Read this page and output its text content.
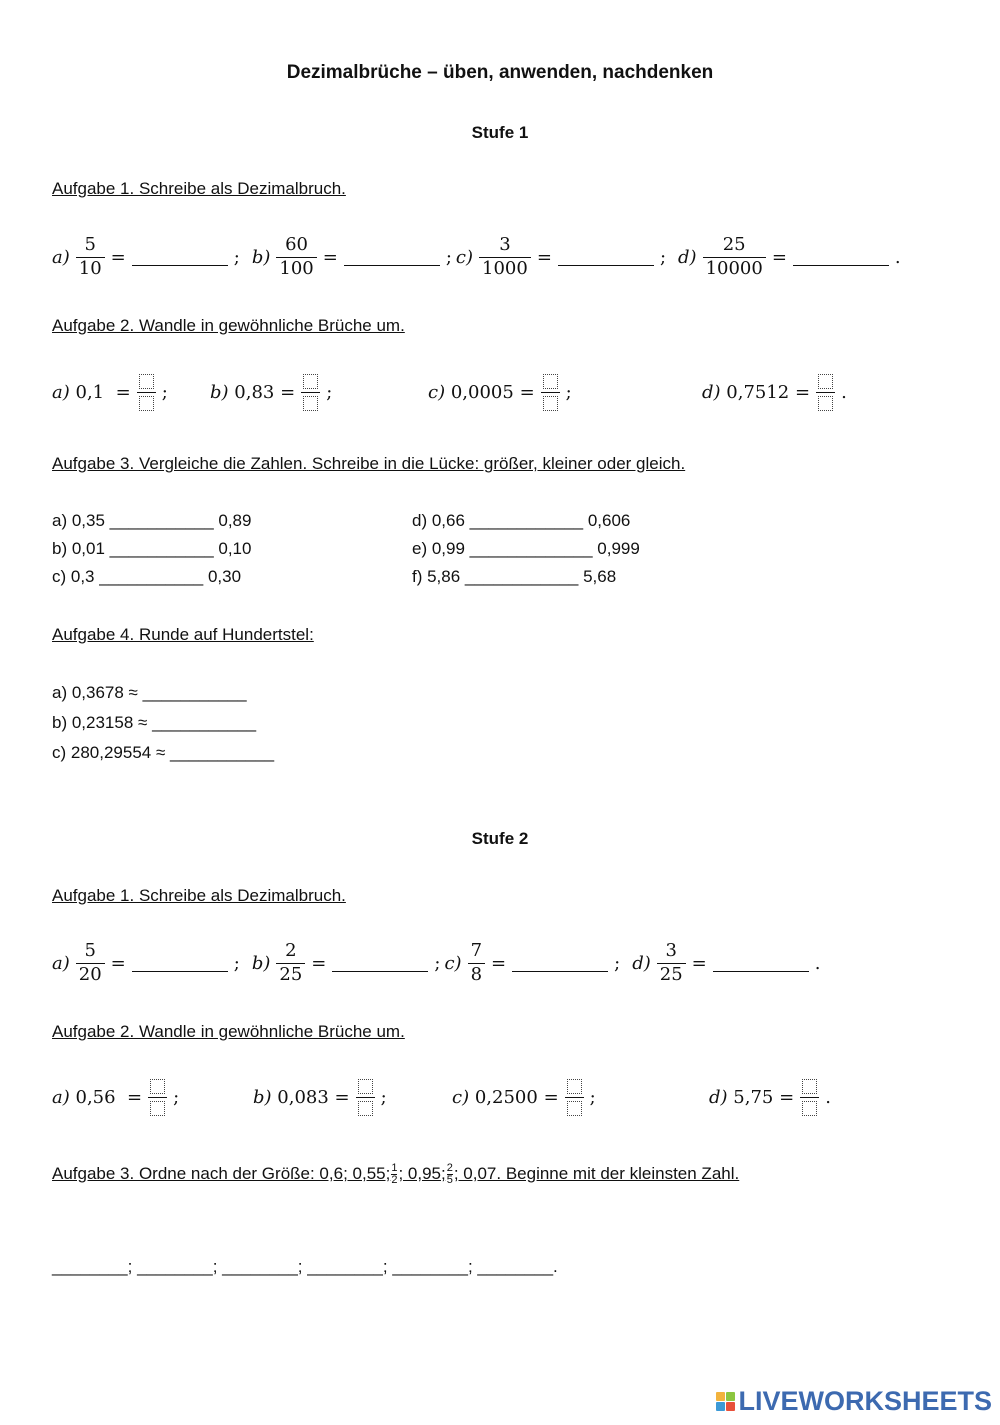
Dezimalbrüche – üben, anwenden, nachdenken
Stufe 1
Aufgabe 1. Schreibe als Dezimalbruch.
$a) \frac{5}{10}$ =	; $b) \frac{60}{100}$ =	; $c) \frac{3}{1000}$ =	; $d) \frac{25}{10000}$ =	.
Aufgabe 2. Wandle in gewöhnliche Brüche um.
a)
0,1
= ; b)
0,83
= ;	c)
0,0005
= ;	d)
0,7512
= .
Aufgabe 3. Vergleiche die Zahlen. Schreibe in die Lücke: größer, kleiner oder gleich.
a) 0,35 ___________ 0,89
b) 0,01 ___________ 0,10
c) 0,3 ___________ 0,30
d) 0,66 ____________ 0,606
e) 0,99 _____________ 0,999
f) 5,86 ____________ 5,68
Aufgabe 4. Runde auf Hundertstel:
a) 0,3678 ≈ ___________
b) 0,23158 ≈ ___________
c) 280,29554 ≈ ___________
Stufe 2
Aufgabe 1. Schreibe als Dezimalbruch.
$a) \frac{5}{20}$ =	; $b) \frac{2}{25}$ =	; $c) \frac{7}{8}$ =	; $d) \frac{3}{25}$ =	.
Aufgabe 2. Wandle in gewöhnliche Brüche um.
a)
0,56
= ;	b)
0,083
= ;	c)
0,2500
= ;	d)
5,75
= .
Aufgabe 3. Ordne nach der Größe: 0,6; 0,55; $\frac{1}{2}$ ; 0,95; $\frac{2}{5}$ ; 0,07. Beginne mit der kleinsten Zahl.
________; ________; ________; ________; ________; ________.
LIVEWORKSHEETS
